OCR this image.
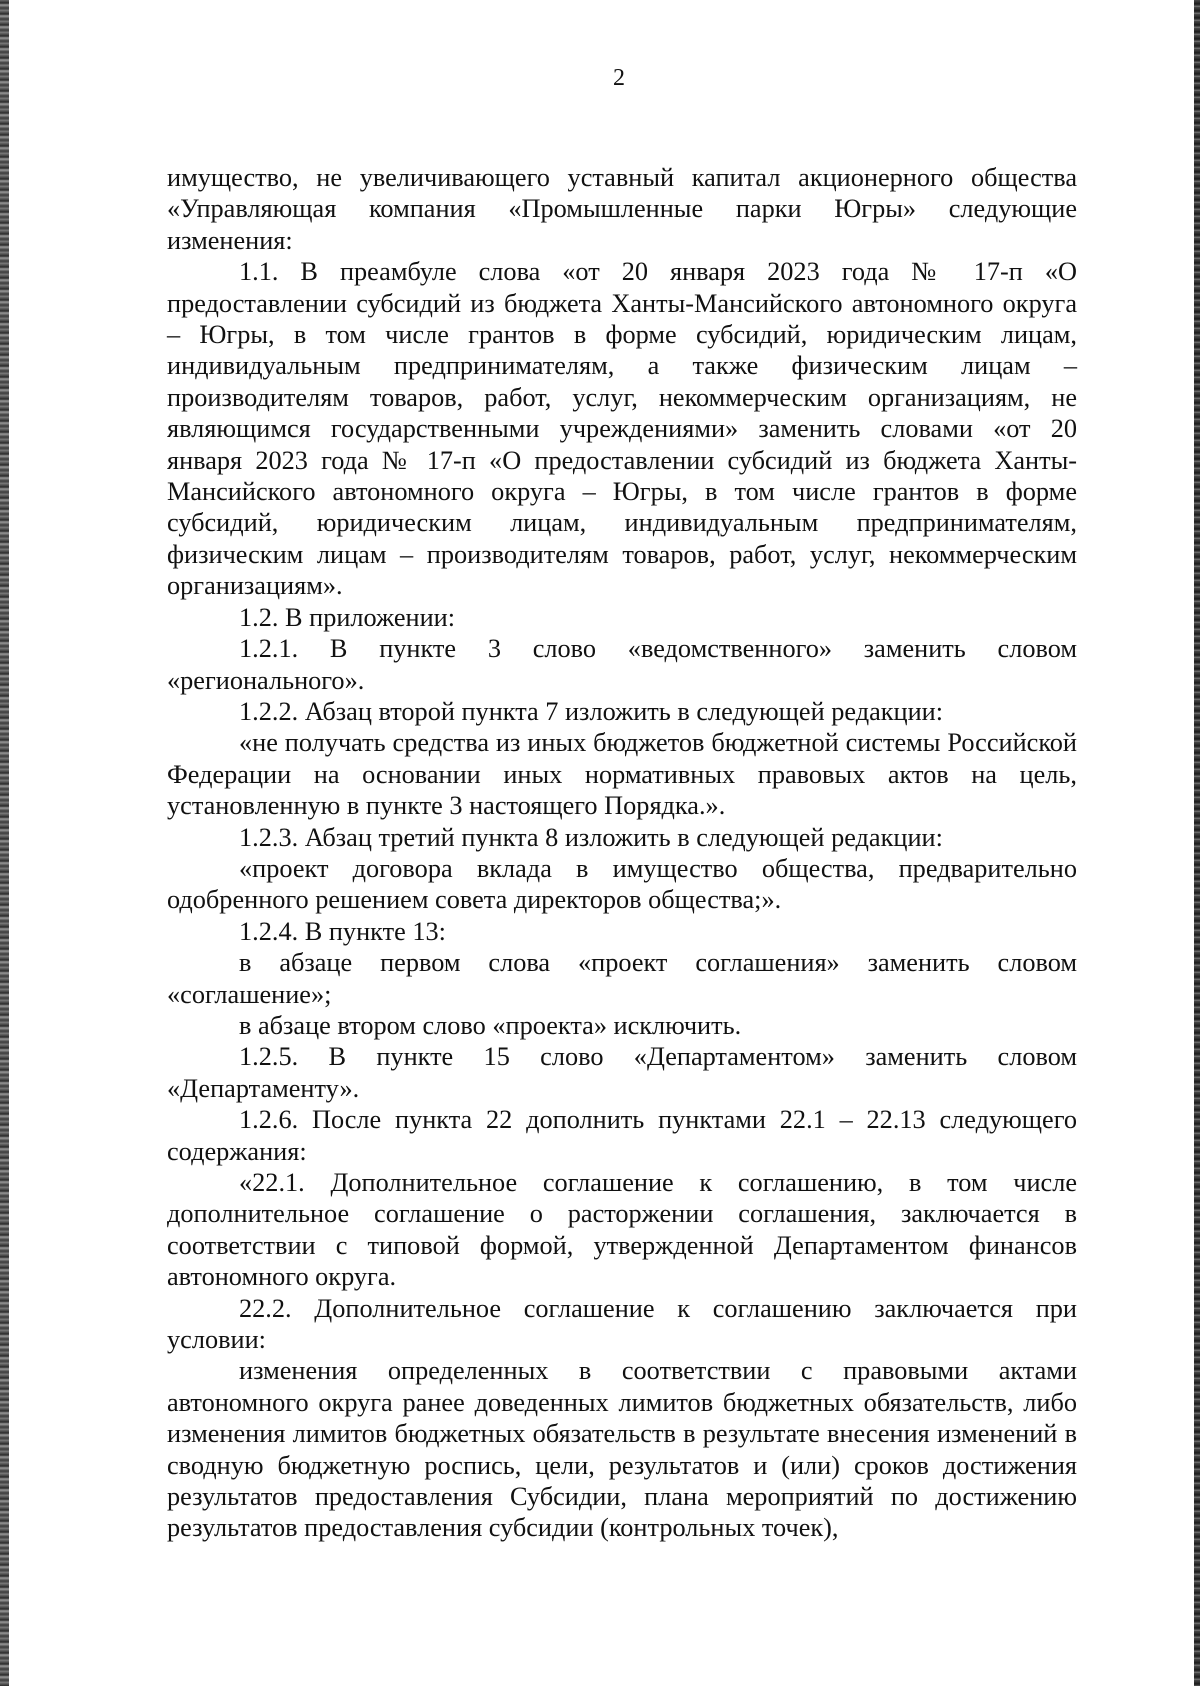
2

имущество, не увеличивающего уставный капитал акционерного общества «Управляющая компания «Промышленные парки Югры» следующие изменения:

1.1. В преамбуле слова «от 20 января 2023 года № 17-п «О предоставлении субсидий из бюджета Ханты-Мансийского автономного округа – Югры, в том числе грантов в форме субсидий, юридическим лицам, индивидуальным предпринимателям, а также физическим лицам – производителям товаров, работ, услуг, некоммерческим организациям, не являющимся государственными учреждениями» заменить словами «от 20 января 2023 года № 17-п «О предоставлении субсидий из бюджета Ханты-Мансийского автономного округа – Югры, в том числе грантов в форме субсидий, юридическим лицам, индивидуальным предпринимателям, физическим лицам – производителям товаров, работ, услуг, некоммерческим организациям».

1.2. В приложении:

1.2.1. В пункте 3 слово «ведомственного» заменить словом «регионального».

1.2.2. Абзац второй пункта 7 изложить в следующей редакции:

«не получать средства из иных бюджетов бюджетной системы Российской Федерации на основании иных нормативных правовых актов на цель, установленную в пункте 3 настоящего Порядка.».

1.2.3. Абзац третий пункта 8 изложить в следующей редакции:

«проект договора вклада в имущество общества, предварительно одобренного решением совета директоров общества;».

1.2.4. В пункте 13:

в абзаце первом слова «проект соглашения» заменить словом «соглашение»;

в абзаце втором слово «проекта» исключить.

1.2.5. В пункте 15 слово «Департаментом» заменить словом «Департаменту».

1.2.6. После пункта 22 дополнить пунктами 22.1 – 22.13 следующего содержания:

«22.1. Дополнительное соглашение к соглашению, в том числе дополнительное соглашение о расторжении соглашения, заключается в соответствии с типовой формой, утвержденной Департаментом финансов автономного округа.

22.2. Дополнительное соглашение к соглашению заключается при условии:

изменения определенных в соответствии с правовыми актами автономного округа ранее доведенных лимитов бюджетных обязательств, либо изменения лимитов бюджетных обязательств в результате внесения изменений в сводную бюджетную роспись, цели, результатов и (или) сроков достижения результатов предоставления Субсидии, плана мероприятий по достижению результатов предоставления субсидии (контрольных точек),
